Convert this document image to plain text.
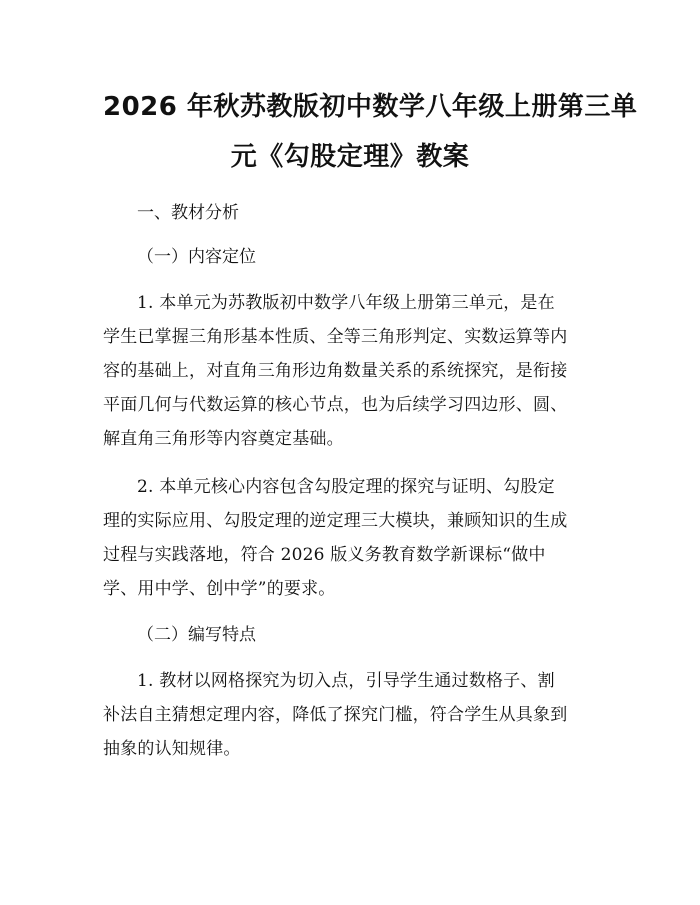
2026 年秋苏教版初中数学八年级上册第三单
元《勾股定理》教案
一、教材分析
（一）内容定位
1. 本单元为苏教版初中数学八年级上册第三单元，是在
学生已掌握三角形基本性质、全等三角形判定、实数运算等内
容的基础上，对直角三角形边角数量关系的系统探究，是衔接
平面几何与代数运算的核心节点，也为后续学习四边形、圆、
解直角三角形等内容奠定基础。
2. 本单元核心内容包含勾股定理的探究与证明、勾股定
理的实际应用、勾股定理的逆定理三大模块，兼顾知识的生成
过程与实践落地，符合 2026 版义务教育数学新课标“做中
学、用中学、创中学”的要求。
（二）编写特点
1. 教材以网格探究为切入点，引导学生通过数格子、割
补法自主猜想定理内容，降低了探究门槛，符合学生从具象到
抽象的认知规律。
